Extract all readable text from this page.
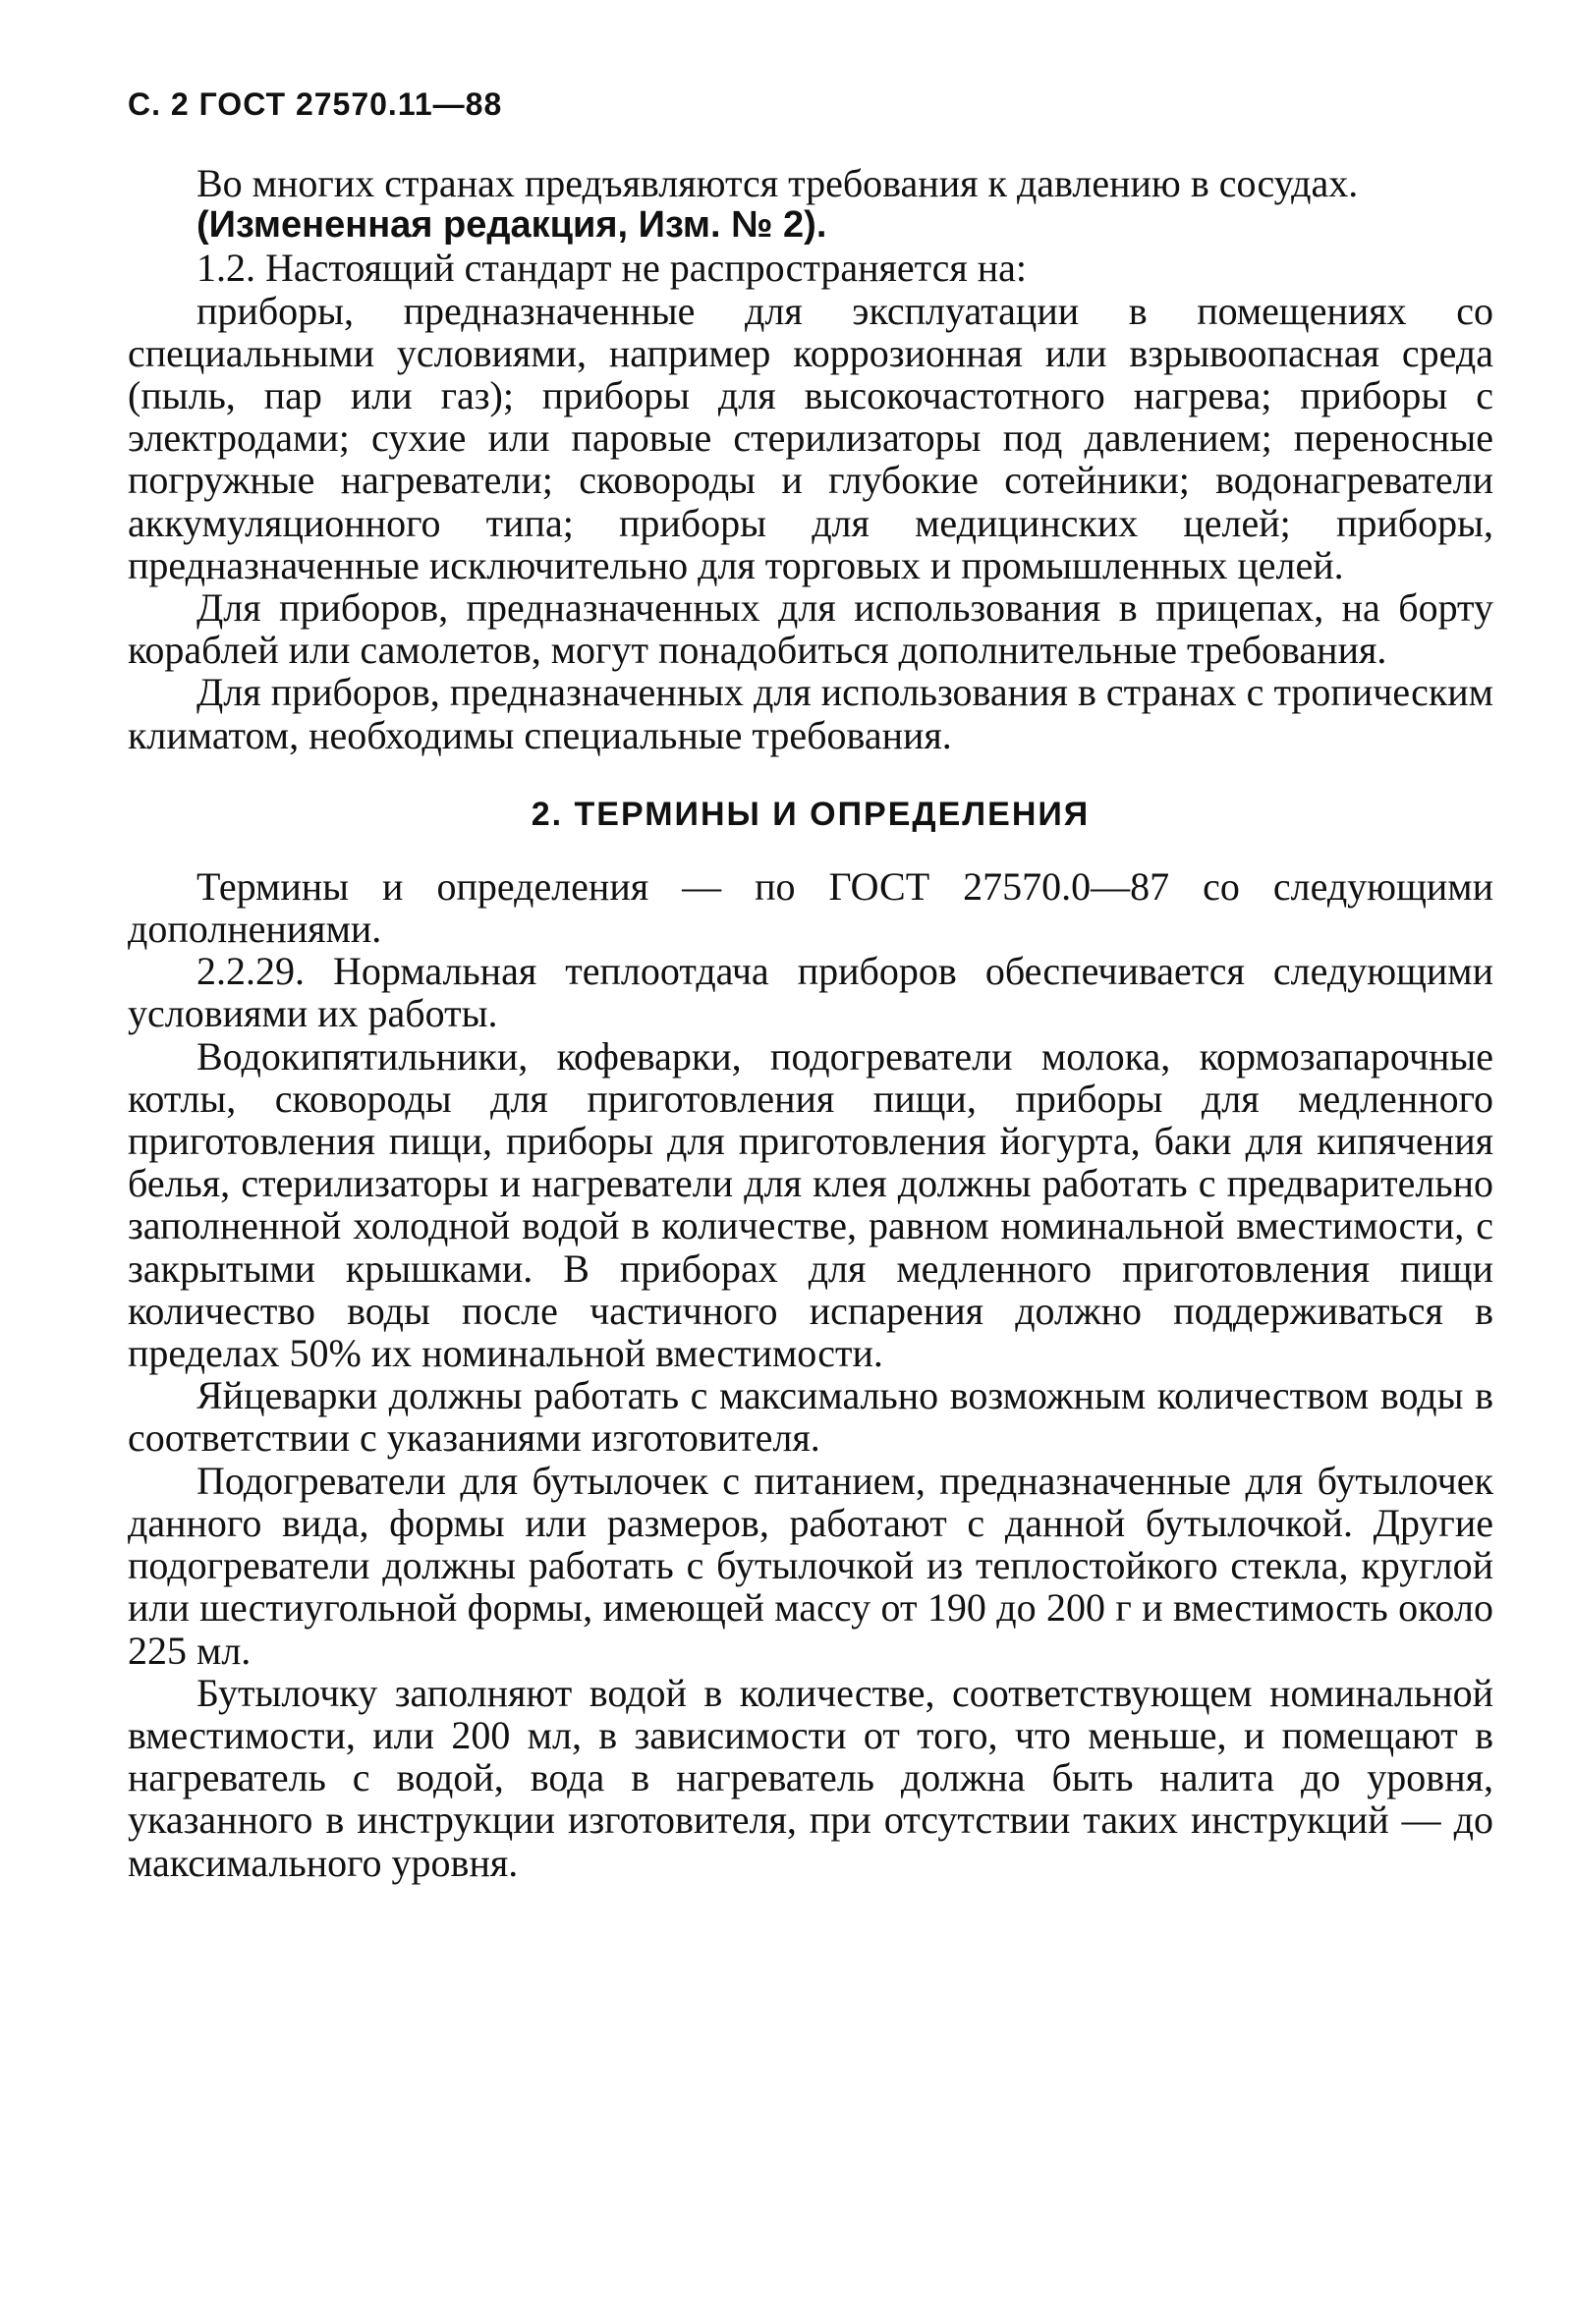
С. 2 ГОСТ 27570.11—88

Во многих странах предъявляются требования к давлению в сосудах.

(Измененная редакция, Изм. № 2).

1.2. Настоящий стандарт не распространяется на:

приборы, предназначенные для эксплуатации в помещениях со специальными условиями, например коррозионная или взрывоопасная среда (пыль, пар или газ); приборы для высокочастотного нагрева; приборы с электродами; сухие или паровые стерилизаторы под давлением; переносные погружные нагреватели; сковороды и глубокие сотейники; водонагреватели аккумуляционного типа; приборы для медицинских целей; приборы, предназначенные исключительно для торговых и промышленных целей.

Для приборов, предназначенных для использования в прицепах, на борту кораблей или самолетов, могут понадобиться дополнительные требования.

Для приборов, предназначенных для использования в странах с тропическим климатом, необходимы специальные требования.

2. ТЕРМИНЫ И ОПРЕДЕЛЕНИЯ

Термины и определения — по ГОСТ 27570.0—87 со следующими дополнениями.

2.2.29. Нормальная теплоотдача приборов обеспечивается следующими условиями их работы.

Водокипятильники, кофеварки, подогреватели молока, кормозапарочные котлы, сковороды для приготовления пищи, приборы для медленного приготовления пищи, приборы для приготовления йогурта, баки для кипячения белья, стерилизаторы и нагреватели для клея должны работать с предварительно заполненной холодной водой в количестве, равном номинальной вместимости, с закрытыми крышками. В приборах для медленного приготовления пищи количество воды после частичного испарения должно поддерживаться в пределах 50% их номинальной вместимости.

Яйцеварки должны работать с максимально возможным количеством воды в соответствии с указаниями изготовителя.

Подогреватели для бутылочек с питанием, предназначенные для бутылочек данного вида, формы или размеров, работают с данной бутылочкой. Другие подогреватели должны работать с бутылочкой из теплостойкого стекла, круглой или шестиугольной формы, имеющей массу от 190 до 200 г и вместимость около 225 мл.

Бутылочку заполняют водой в количестве, соответствующем номинальной вместимости, или 200 мл, в зависимости от того, что меньше, и помещают в нагреватель с водой, вода в нагреватель должна быть налита до уровня, указанного в инструкции изготовителя, при отсутствии таких инструкций — до максимального уровня.
